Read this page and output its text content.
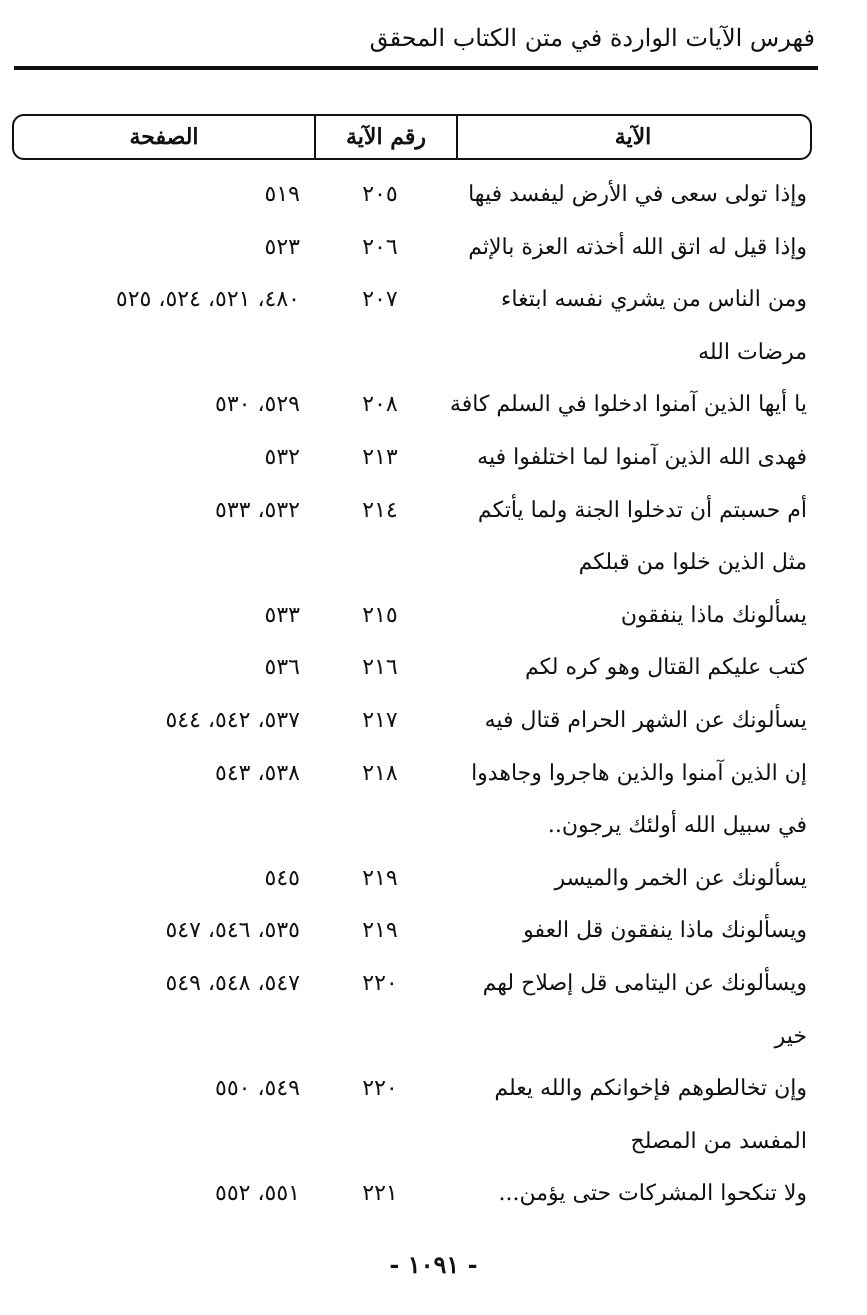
فهرس الآيات الواردة في متن الكتاب المحقق
الصفحة	رقم الآية	الآية
وإذا تولى سعى في الأرض ليفسد فيها
٢٠٥
٥١٩
وإذا قيل له اتق الله أخذته العزة بالإثم
٢٠٦
٥٢٣
ومن الناس من يشري نفسه ابتغاء
٢٠٧
٤٨٠، ٥٢١، ٥٢٤، ٥٢٥
مرضات الله
يا أيها الذين آمنوا ادخلوا في السلم كافة
٢٠٨
٥٢٩، ٥٣٠
فهدى الله الذين آمنوا لما اختلفوا فيه
٢١٣
٥٣٢
أم حسبتم أن تدخلوا الجنة ولما يأتكم
٢١٤
٥٣٢، ٥٣٣
مثل الذين خلوا من قبلكم
يسألونك ماذا ينفقون
٢١٥
٥٣٣
كتب عليكم القتال وهو كره لكم
٢١٦
٥٣٦
يسألونك عن الشهر الحرام قتال فيه
٢١٧
٥٣٧، ٥٤٢، ٥٤٤
إن الذين آمنوا والذين هاجروا وجاهدوا
٢١٨
٥٣٨، ٥٤٣
في سبيل الله أولئك يرجون..
يسألونك عن الخمر والميسر
٢١٩
٥٤٥
ويسألونك ماذا ينفقون قل العفو
٢١٩
٥٣٥، ٥٤٦، ٥٤٧
ويسألونك عن اليتامى قل إصلاح لهم
٢٢٠
٥٤٧، ٥٤٨، ٥٤٩
خير
وإن تخالطوهم فإخوانكم والله يعلم
٢٢٠
٥٤٩، ٥٥٠
المفسد من المصلح
ولا تنكحوا المشركات حتى يؤمن...
٢٢١
٥٥١، ٥٥٢
- ١٠٩١ -
